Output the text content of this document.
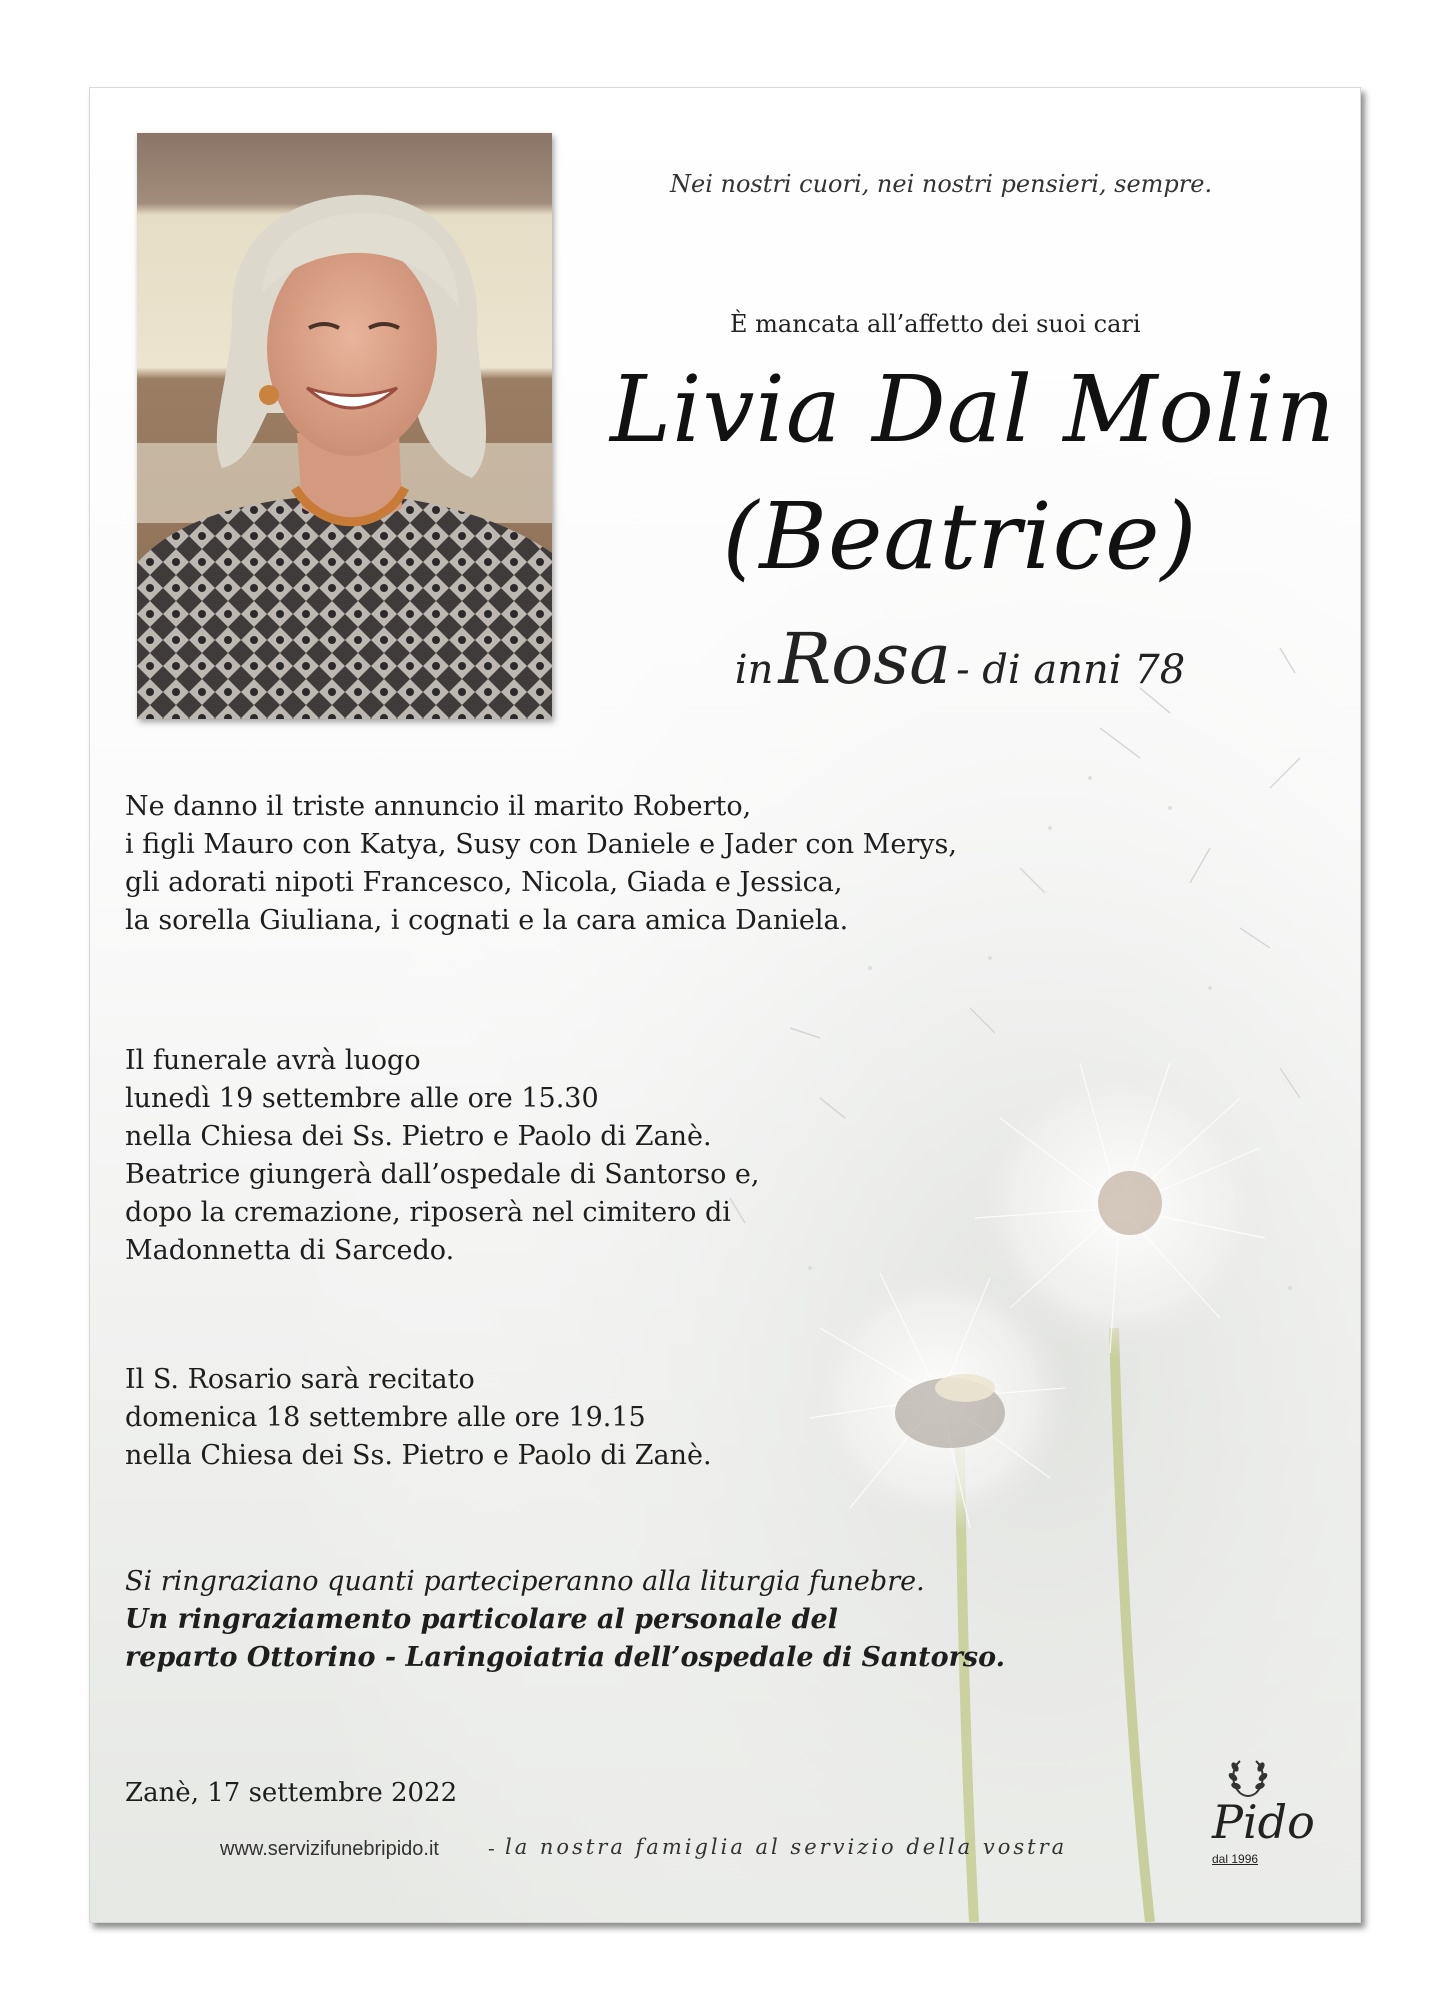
Nei nostri cuori, nei nostri pensieri, sempre.
È mancata all’affetto dei suoi cari
Livia Dal Molin
(Beatrice)
in Rosa - di anni 78
Ne danno il triste annuncio il marito Roberto,
i figli Mauro con Katya, Susy con Daniele e Jader con Merys,
gli adorati nipoti Francesco, Nicola, Giada e Jessica,
la sorella Giuliana, i cognati e la cara amica Daniela.
Il funerale avrà luogo
lunedì 19 settembre alle ore 15.30
nella Chiesa dei Ss. Pietro e Paolo di Zanè.
Beatrice giungerà dall’ospedale di Santorso e,
dopo la cremazione, riposerà nel cimitero di
Madonnetta di Sarcedo.
Il S. Rosario sarà recitato
domenica 18 settembre alle ore 19.15
nella Chiesa dei Ss. Pietro e Paolo di Zanè.
Si ringraziano quanti parteciperanno alla liturgia funebre.
Un ringraziamento particolare al personale del
reparto Ottorino - Laringoiatria dell’ospedale di Santorso.
Zanè, 17 settembre 2022
www.servizifunebripido.it - la nostra famiglia al servizio della vostra	Pido
dal 1996
